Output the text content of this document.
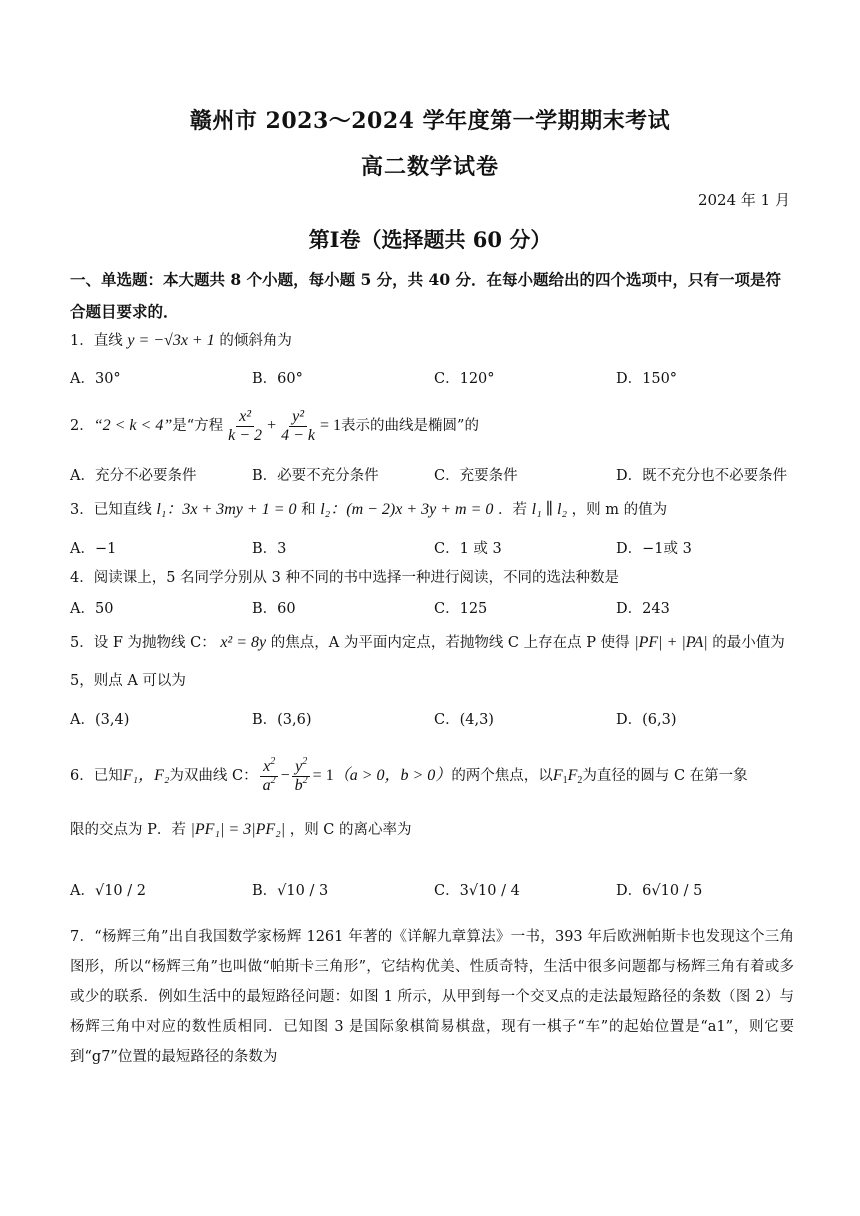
赣州市 2023～2024 学年度第一学期期末考试
高二数学试卷
2024 年 1 月
第Ⅰ卷（选择题共 60 分）
一、单选题：本大题共 8 个小题，每小题 5 分，共 40 分．在每小题给出的四个选项中，只有一项是符合题目要求的．
1．直线 y = −√3x + 1 的倾斜角为
A．30°	B．60°	C．120°	D．150°
2． “2 < k < 4” 是“方程 $\frac{\text{x²}}{k - 2} + \frac{\text{y²}}{4 - k} = 1$ 表示的曲线是椭圆”的
A．充分不必要条件	B．必要不充分条件	C．充要条件	D．既不充分也不必要条件
3．已知直线 l₁：3x + 3my + 1 = 0 和 l₂：(m − 2)x + 3y + m = 0 ．若 l₁ ∥ l₂ ，则 m 的值为
A．−1	B．3	C．1 或 3	D．−1或 3
4．阅读课上，5 名同学分别从 3 种不同的书中选择一种进行阅读，不同的选法种数是
A．50	B．60	C．125	D．243
5．设 F 为抛物线 C： x² = 8y 的焦点，A 为平面内定点，若抛物线 C 上存在点 P 使得 |PF| + |PA| 的最小值为
5，则点 A 可以为
A．(3,4)	B．(3,6)	C．(4,3)	D．(6,3)
6．已知 F₁，F₂ 为双曲线 C： $\frac{x^2}{a^2} - \frac{y^2}{b^2} = 1$ （a > 0，b > 0） 的两个焦点，以 $F_1F_2$ 为直径的圆与 C 在第一象
限的交点为 P．若 |PF₁| = 3|PF₂| ，则 C 的离心率为
A．√10 / 2	B．√10 / 3	C．3√10 / 4	D．6√10 / 5
7．“杨辉三角”出自我国数学家杨辉 1261 年著的《详解九章算法》一书，393 年后欧洲帕斯卡也发现这个三角图形，所以“杨辉三角”也叫做“帕斯卡三角形”，它结构优美、性质奇特，生活中很多问题都与杨辉三角有着或多或少的联系．例如生活中的最短路径问题：如图 1 所示，从甲到每一个交叉点的走法最短路径的条数（图 2）与杨辉三角中对应的数性质相同．已知图 3 是国际象棋简易棋盘，现有一棋子“车”的起始位置是“a1”，则它要到“g7”位置的最短路径的条数为
